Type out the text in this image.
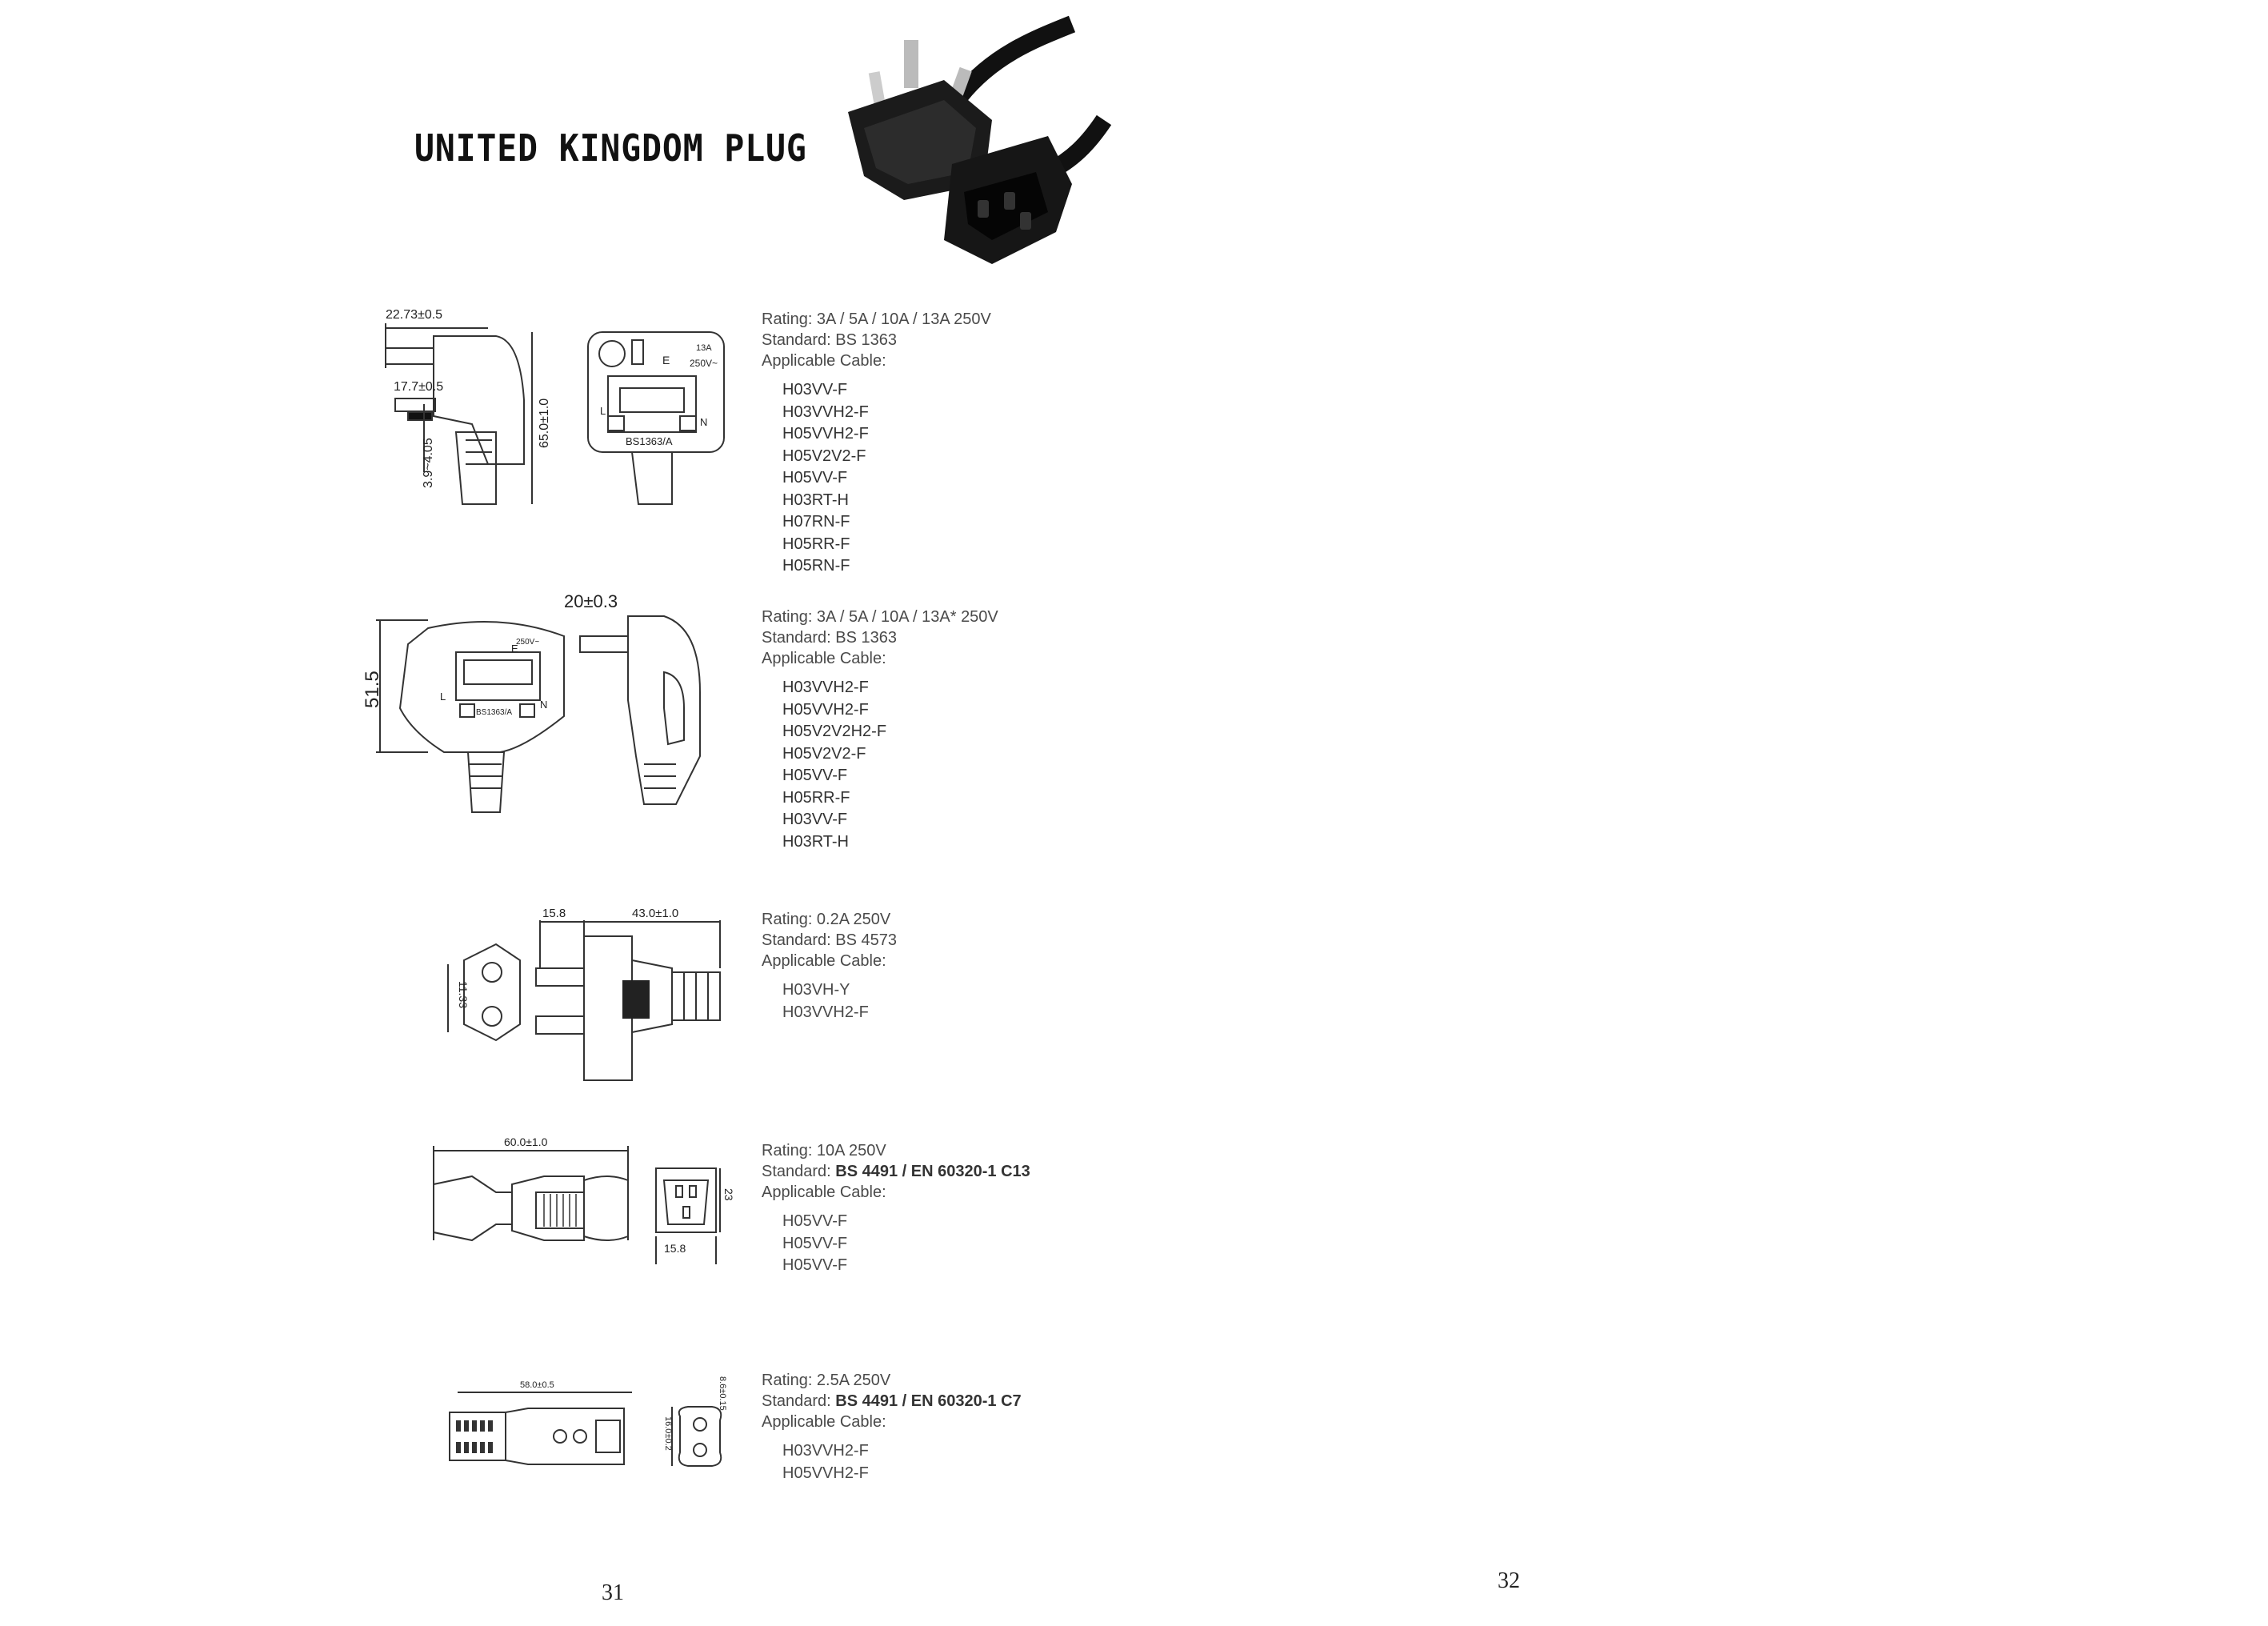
UNITED KINGDOM PLUG
22.73±0.5
17.7±0.5
3.9~4.05
65.0±1.0
E
13A
250V~
L
N
BS1363/A
Rating: 3A / 5A / 10A / 13A 250V
Standard: BS 1363
Applicable Cable:
H03VV-F
H03VVH2-F
H05VVH2-F
H05V2V2-F
H05VV-F
H03RT-H
H07RN-F
H05RR-F
H05RN-F
20±0.3
51.5
E
250V~
L
N
BS1363/A
Rating: 3A / 5A / 10A / 13A* 250V
Standard: BS 1363
Applicable Cable:
H03VVH2-F
H05VVH2-F
H05V2V2H2-F
H05V2V2-F
H05VV-F
H05RR-F
H03VV-F
H03RT-H
15.8	43.0±1.0
11.33
Rating: 0.2A 250V
Standard: BS 4573
Applicable Cable:
H03VH-Y
H03VVH2-F
60.0±1.0
23
15.8
Rating: 10A 250V
Standard: BS 4491 / EN 60320-1 C13
Applicable Cable:
H05VV-F
H05VV-F
H05VV-F
58.0±0.5	8.6±0.15
16.0±0.2
Rating: 2.5A 250V
Standard: BS 4491 / EN 60320-1 C7
Applicable Cable:
H03VVH2-F
H05VVH2-F
31	32
